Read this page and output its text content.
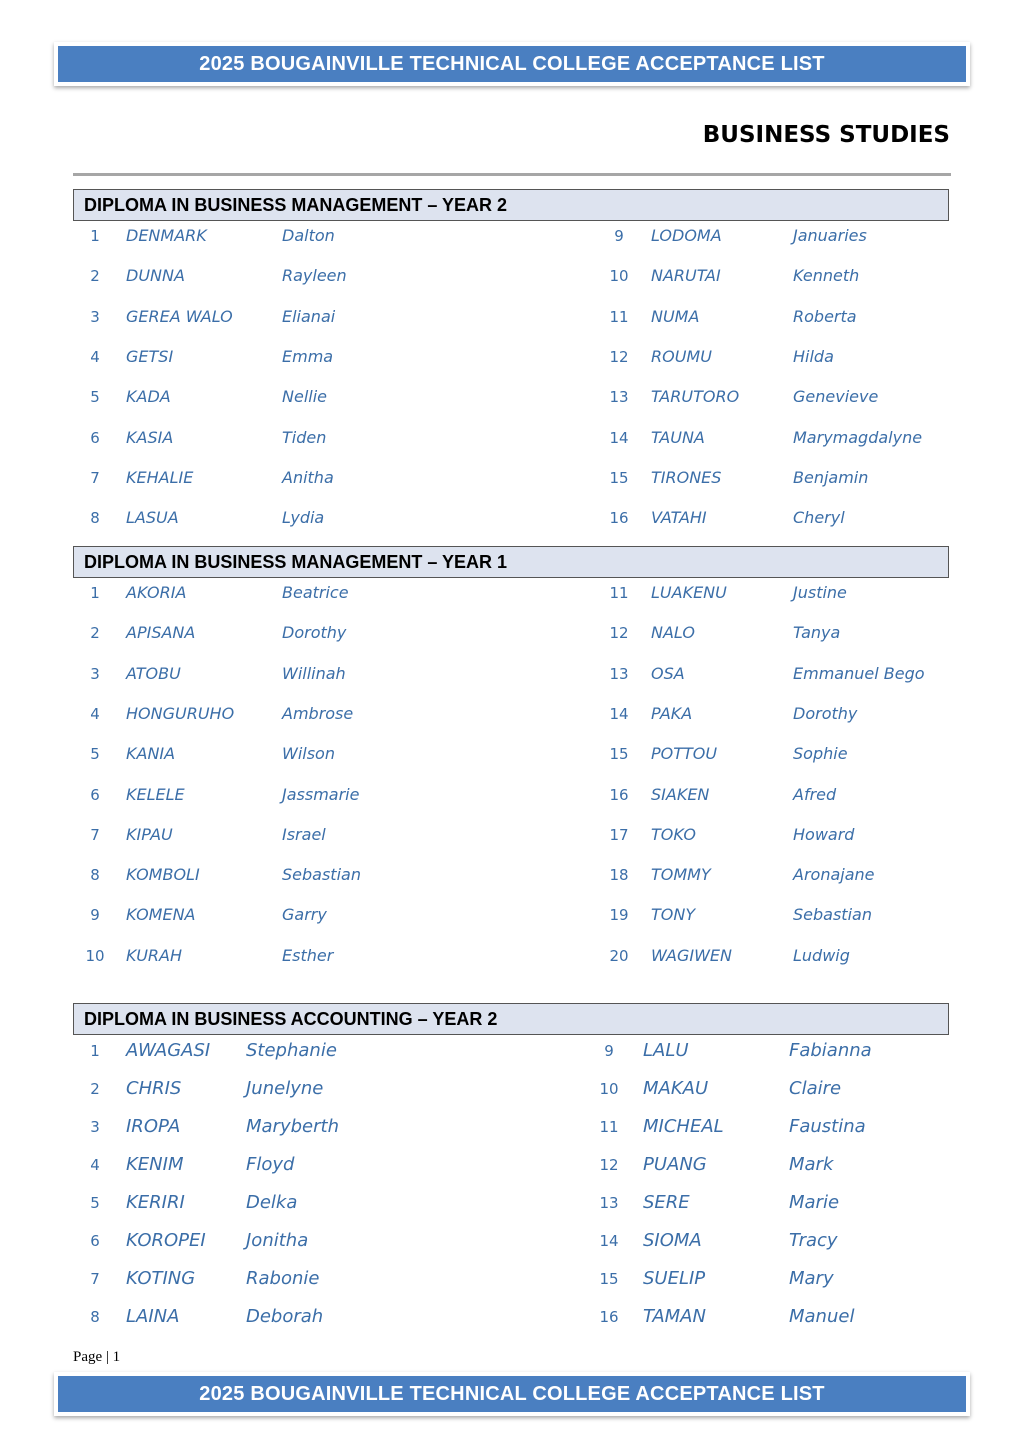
2025 BOUGAINVILLE TECHNICAL COLLEGE ACCEPTANCE LIST
BUSINESS STUDIES
DIPLOMA IN BUSINESS MANAGEMENT – YEAR 2
1	DENMARK	Dalton
2	DUNNA	Rayleen
3	GEREA WALO	Elianai
4	GETSI	Emma
5	KADA	Nellie
6	KASIA	Tiden
7	KEHALIE	Anitha
8	LASUA	Lydia
9	LODOMA	Januaries
10	NARUTAI	Kenneth
11	NUMA	Roberta
12	ROUMU	Hilda
13	TARUTORO	Genevieve
14	TAUNA	Marymagdalyne
15	TIRONES	Benjamin
16	VATAHI	Cheryl
DIPLOMA IN BUSINESS MANAGEMENT – YEAR 1
1	AKORIA	Beatrice
2	APISANA	Dorothy
3	ATOBU	Willinah
4	HONGURUHO	Ambrose
5	KANIA	Wilson
6	KELELE	Jassmarie
7	KIPAU	Israel
8	KOMBOLI	Sebastian
9	KOMENA	Garry
10	KURAH	Esther
11	LUAKENU	Justine
12	NALO	Tanya
13	OSA	Emmanuel Bego
14	PAKA	Dorothy
15	POTTOU	Sophie
16	SIAKEN	Afred
17	TOKO	Howard
18	TOMMY	Aronajane
19	TONY	Sebastian
20	WAGIWEN	Ludwig
DIPLOMA IN BUSINESS ACCOUNTING – YEAR 2
1	AWAGASI Stephanie
2	CHRIS	Junelyne
3	IROPA	Maryberth
4	KENIM	Floyd
5	KERIRI	Delka
6	KOROPEI Jonitha
7	KOTING	Rabonie
8	LAINA	Deborah
9	LALU	Fabianna
10	MAKAU	Claire
11	MICHEAL	Faustina
12	PUANG	Mark
13	SERE	Marie
14	SIOMA	Tracy
15	SUELIP	Mary
16	TAMAN	Manuel
Page | 1
2025 BOUGAINVILLE TECHNICAL COLLEGE ACCEPTANCE LIST
